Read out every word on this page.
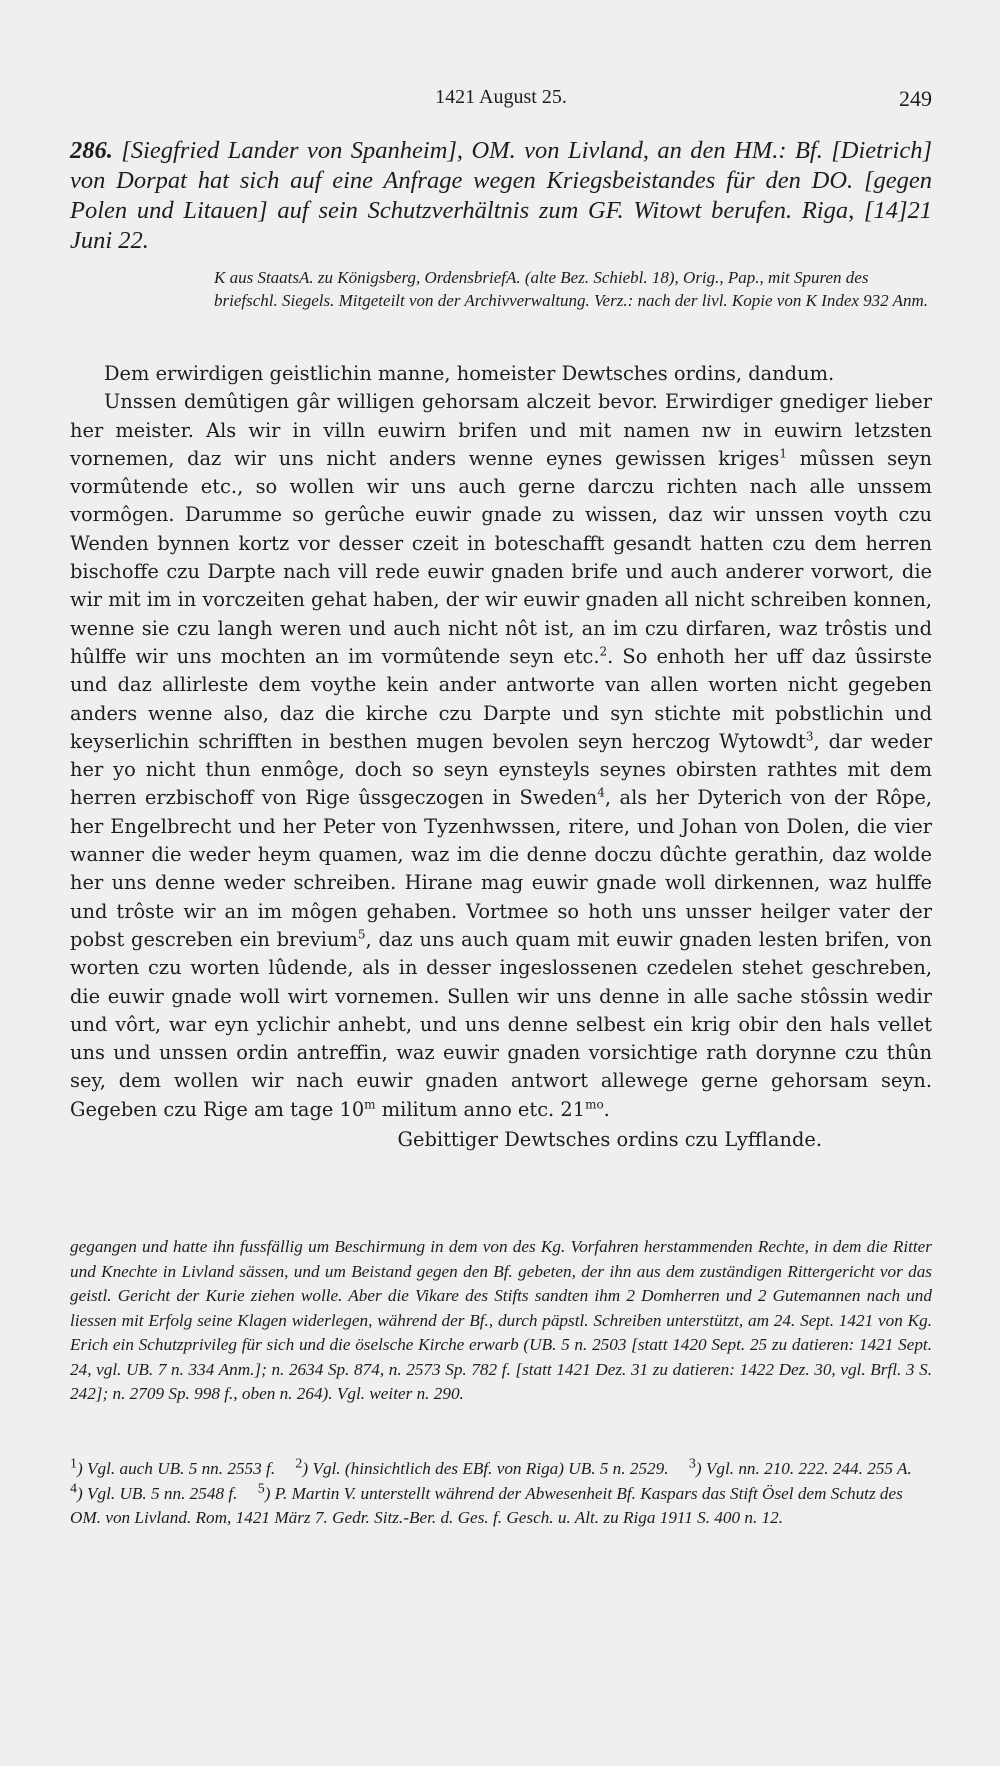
1421 August 25.	249
286. [Siegfried Lander von Spanheim], OM. von Livland, an den HM.: Bf. [Dietrich] von Dorpat hat sich auf eine Anfrage wegen Kriegsbeistandes für den DO. [gegen Polen und Litauen] auf sein Schutzverhältnis zum GF. Witowt berufen. Riga, [14]21 Juni 22.
K aus StaatsA. zu Königsberg, OrdensbriefA. (alte Bez. Schiebl. 18), Orig., Pap., mit Spuren des briefschl. Siegels. Mitgeteilt von der Archivverwaltung. Verz.: nach der livl. Kopie von K Index 932 Anm.

Dem erwirdigen geistlichin manne, homeister Dewtsches ordins, dandum.

Unssen demûtigen gâr willigen gehorsam alczeit bevor. Erwirdiger gnediger lieber her meister. Als wir in villn euwirn brifen und mit namen nw in euwirn letzsten vornemen, daz wir uns nicht anders wenne eynes gewissen kriges$^1$ mûssen seyn vormûtende etc., so wollen wir uns auch gerne darczu richten nach alle unssem vormôgen. Darumme so gerûche euwir gnade zu wissen, daz wir unssen voyth czu Wenden bynnen kortz vor desser czeit in boteschafft gesandt hatten czu dem herren bischoffe czu Darpte nach vill rede euwir gnaden brife und auch anderer vorwort, die wir mit im in vorczeiten gehat haben, der wir euwir gnaden all nicht schreiben konnen, wenne sie czu langh weren und auch nicht nôt ist, an im czu dirfaren, waz trôstis und hûlffe wir uns mochten an im vormûtende seyn etc.$^2$. So enhoth her uff daz ûssirste und daz allirleste dem voythe kein ander antworte van allen worten nicht gegeben anders wenne also, daz die kirche czu Darpte und syn stichte mit pobstlichin und keyserlichin schrifften in besthen mugen bevolen seyn herczog Wytowdt$^3$, dar weder her yo nicht thun enmôge, doch so seyn eynsteyls seynes obirsten rathtes mit dem herren erzbischoff von Rige ûssgeczogen in Sweden$^4$, als her Dyterich von der Rôpe, her Engelbrecht und her Peter von Tyzenhwssen, ritere, und Johan von Dolen, die vier wanner die weder heym quamen, waz im die denne doczu dûchte gerathin, daz wolde her uns denne weder schreiben. Hirane mag euwir gnade woll dirkennen, waz hulffe und trôste wir an im môgen gehaben. Vortmee so hoth uns unsser heilger vater der pobst gescreben ein brevium$^5$, daz uns auch quam mit euwir gnaden lesten brifen, von worten czu worten lûdende, als in desser ingeslossenen czedelen stehet geschreben, die euwir gnade woll wirt vornemen. Sullen wir uns denne in alle sache stôssin wedir und vôrt, war eyn yclichir anhebt, und uns denne selbest ein krig obir den hals vellet uns und unssen ordin antreffin, waz euwir gnaden vorsichtige rath dorynne czu thûn sey, dem wollen wir nach euwir gnaden antwort allewege gerne gehorsam seyn. Gegeben czu Rige am tage 10$^m$ militum anno etc. $21^{mo}$.

Gebittiger Dewtsches ordins czu Lyfflande.

gegangen und hatte ihn fussfällig um Beschirmung in dem von des Kg. Vorfahren herstammenden Rechte, in dem die Ritter und Knechte in Livland sässen, und um Beistand gegen den Bf. gebeten, der ihn aus dem zuständigen Rittergericht vor das geistl. Gericht der Kurie ziehen wolle. Aber die Vikare des Stifts sandten ihm 2 Domherren und 2 Gutemannen nach und liessen mit Erfolg seine Klagen widerlegen, während der Bf., durch päpstl. Schreiben unterstützt, am 24. Sept. 1421 von Kg. Erich ein Schutzprivileg für sich und die öselsche Kirche erwarb (UB. 5 n. 2503 [statt 1420 Sept. 25 zu datieren: 1421 Sept. 24, vgl. UB. 7 n. 334 Anm.]; n. 2634 Sp. 874, n. 2573 Sp. 782 f. [statt 1421 Dez. 31 zu datieren: 1422 Dez. 30, vgl. Brfl. 3 S. 242]; n. 2709 Sp. 998 f., oben n. 264). Vgl. weiter n. 290.
$^1$) Vgl. auch UB. 5 nn. 2553 f. $^2$) Vgl. (hinsichtlich des EBf. von Riga) UB. 5 n. 2529. $^3$) Vgl. nn. 210. 222. 244. 255 A. $^4$) Vgl. UB. 5 nn. 2548 f. $^5$) P. Martin V. unterstellt während der Abwesenheit Bf. Kaspars das Stift Ösel dem Schutz des OM. von Livland. Rom, 1421 März 7. Gedr. Sitz.-Ber. d. Ges. f. Gesch. u. Alt. zu Riga 1911 S. 400 n. 12.
